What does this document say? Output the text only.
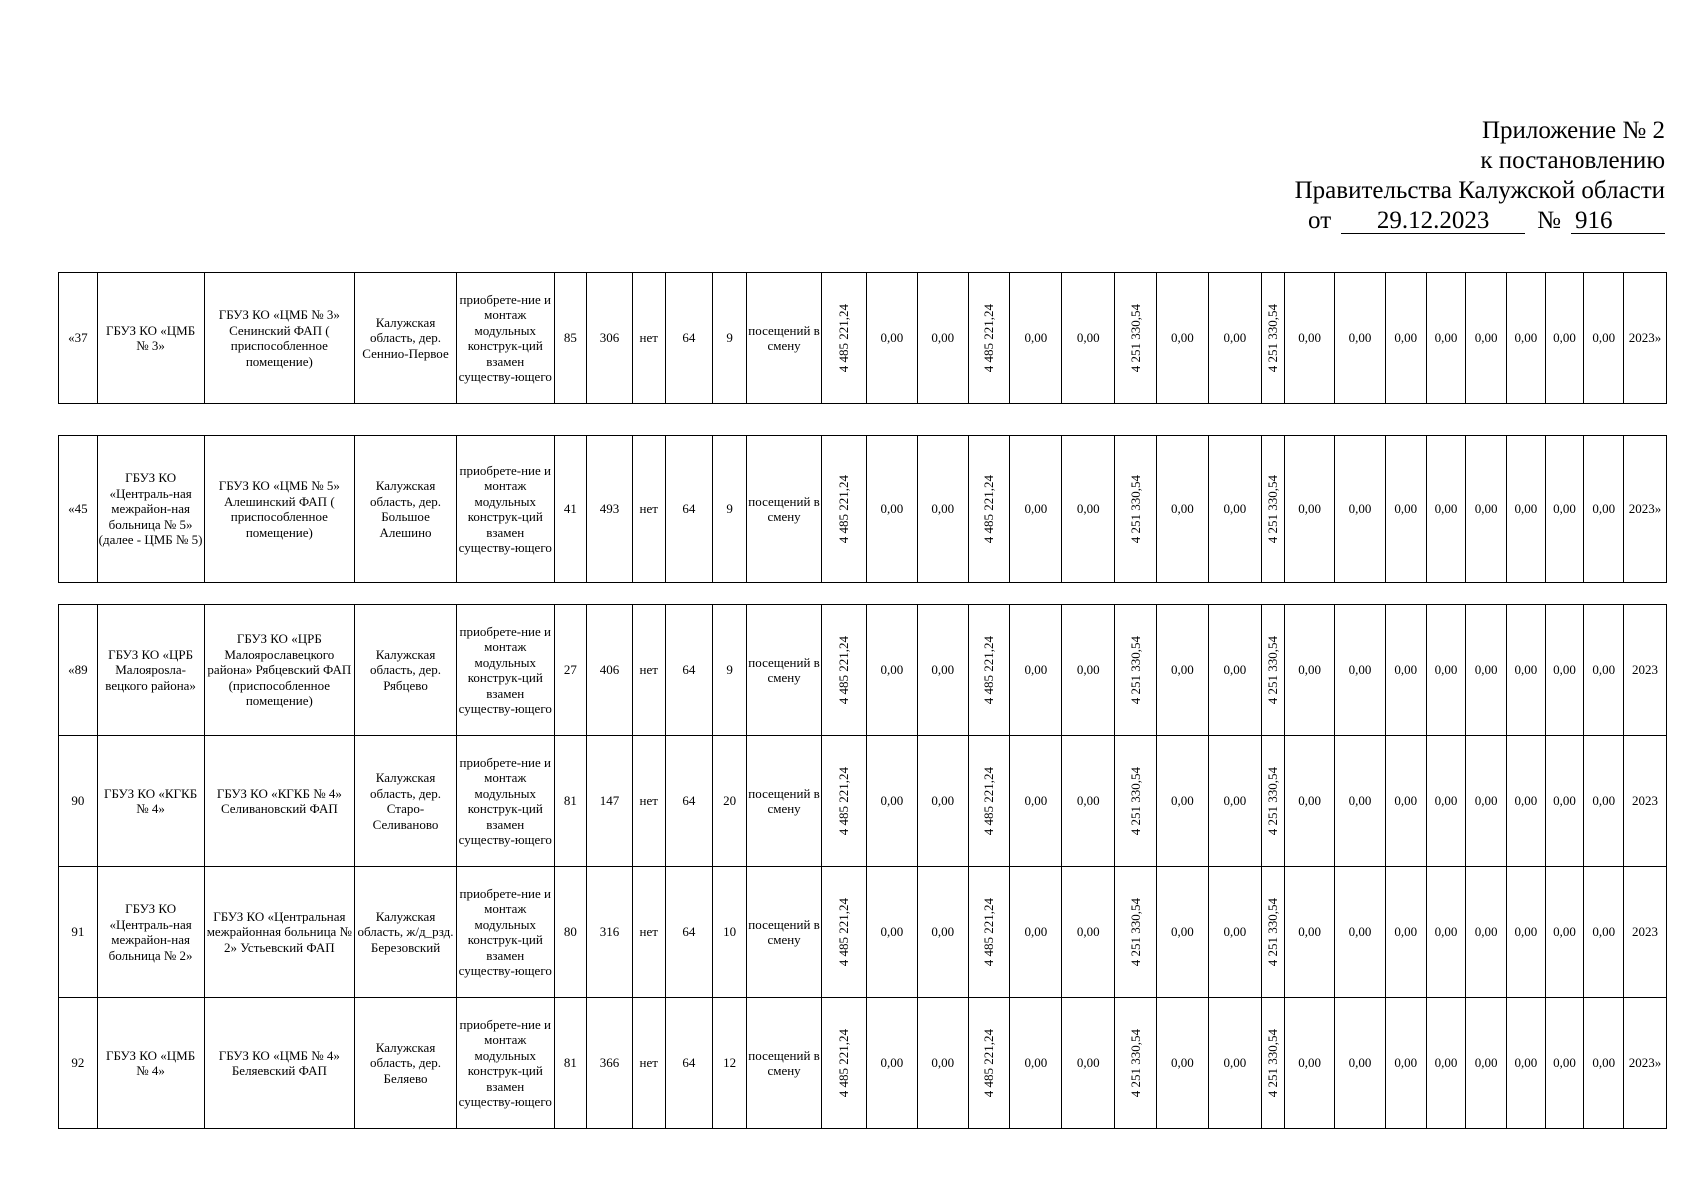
Приложение № 2
к постановлению
Правительства Калужской области
от 29.12.2023 № 916
«37	ГБУЗ КО «ЦМБ № 3»	ГБУЗ КО «ЦМБ № 3» Сенинский ФАП ( приспособленное помещение)	Калужская область, дер. Сеннио-Первое	приобрете-ние и монтаж модульных конструк-ций взамен существу-ющего	85	306	нет	64	9	посещений в смену	4 485 221,24	0,00	0,00	4 485 221,24	0,00	0,00	4 251 330,54	0,00	0,00	4 251 330,54	0,00	0,00	0,00	0,00	0,00	0,00	0,00	0,00	2023»
«45	ГБУЗ КО «Централь-ная межрайон-ная больница № 5» (далее - ЦМБ № 5)	ГБУЗ КО «ЦМБ № 5» Алешинский ФАП ( приспособленное помещение)	Калужская область, дер. Большое Алешино	приобрете-ние и монтаж модульных конструк-ций взамен существу-ющего	41	493	нет	64	9	посещений в смену	4 485 221,24	0,00	0,00	4 485 221,24	0,00	0,00	4 251 330,54	0,00	0,00	4 251 330,54	0,00	0,00	0,00	0,00	0,00	0,00	0,00	0,00	2023»
«89	ГБУЗ КО «ЦРБ Малоярosла-вецкого района»	ГБУЗ КО «ЦРБ Малоярославецкого района» Рябцевский ФАП (приспособленное помещение)	Калужская область, дер. Рябцево	приобрете-ние и монтаж модульных конструк-ций взамен существу-ющего	27	406	нет	64	9	посещений в смену	4 485 221,24	0,00	0,00	4 485 221,24	0,00	0,00	4 251 330,54	0,00	0,00	4 251 330,54	0,00	0,00	0,00	0,00	0,00	0,00	0,00	0,00	2023
90	ГБУЗ КО «КГКБ № 4»	ГБУЗ КО «КГКБ № 4» Селивановский ФАП	Калужская область, дер. Старо-Селиваново	приобрете-ние и монтаж модульных конструк-ций взамен существу-ющего	81	147	нет	64	20	посещений в смену	4 485 221,24	0,00	0,00	4 485 221,24	0,00	0,00	4 251 330,54	0,00	0,00	4 251 330,54	0,00	0,00	0,00	0,00	0,00	0,00	0,00	0,00	2023
91	ГБУЗ КО «Централь-ная межрайон-ная больница № 2»	ГБУЗ КО «Центральная межрайонная больница № 2» Устьевский ФАП	Калужская область, ж/д_рзд. Березовский	приобрете-ние и монтаж модульных конструк-ций взамен существу-ющего	80	316	нет	64	10	посещений в смену	4 485 221,24	0,00	0,00	4 485 221,24	0,00	0,00	4 251 330,54	0,00	0,00	4 251 330,54	0,00	0,00	0,00	0,00	0,00	0,00	0,00	0,00	2023
92	ГБУЗ КО «ЦМБ № 4»	ГБУЗ КО «ЦМБ № 4» Беляевский ФАП	Калужская область, дер. Беляево	приобрете-ние и монтаж модульных конструк-ций взамен существу-ющего	81	366	нет	64	12	посещений в смену	4 485 221,24	0,00	0,00	4 485 221,24	0,00	0,00	4 251 330,54	0,00	0,00	4 251 330,54	0,00	0,00	0,00	0,00	0,00	0,00	0,00	0,00	2023»
